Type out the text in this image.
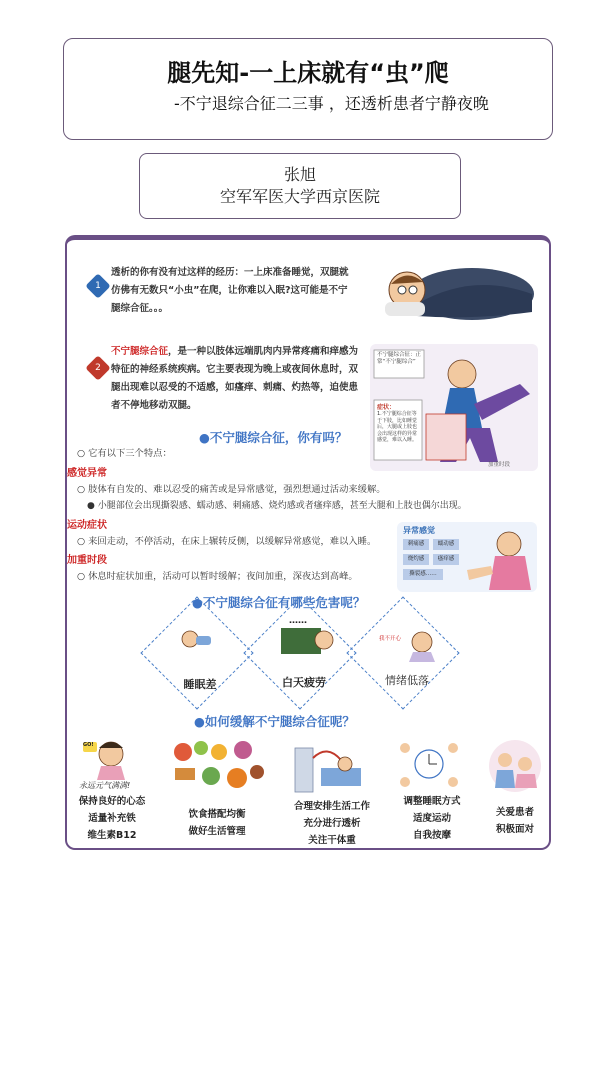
腿先知-一上床就有“虫”爬
-不宁退综合征二三事 ，还透析患者宁静夜晚
张旭
空军军医大学西京医院
1
透析的你有没有过这样的经历：一上床准备睡觉，双腿就仿佛有无数只“小虫”在爬，让你难以入眠?这可能是不宁腿综合征。。。
2
不宁腿综合征，是一种以肢体远端肌肉内异常疼痛和痒感为特征的神经系统疾病。它主要表现为晚上或夜间休息时，双腿出现难以忍受的不适感，如瘙痒、刺痛、灼热等，迫使患者不停地移动双腿。
不宁腿综合征：正常“不宁腿综合”
症状：
1.不宁腿综合征等于下肢，比如睡觉后，大腿或上肢也会出现这样的异常感觉，难以入睡。
加重时段
●不宁腿综合征，你有吗？
○ 它有以下三个特点：
感觉异常
○ 肢体有自发的、难以忍受的痛苦或是异常感觉，强烈想通过活动来缓解。
● 小腿部位会出现撕裂感、蠕动感、刺痛感、烧灼感或者瘙痒感，甚至大腿和上肢也偶尔出现。
运动症状
○ 来回走动，不停活动，在床上辗转反侧，以缓解异常感觉，难以入睡。
加重时段
○ 休息时症状加重，活动可以暂时缓解；夜间加重，深夜达到高峰。
异常感觉
刺痛感	蠕动感
烧灼感	瘙痒感
撕裂感……
●不宁腿综合征有哪些危害呢？
……
我不开心
睡眠差	白天疲劳	情绪低落
●如何缓解不宁腿综合征呢？
GO!
永远元气满满!
保持良好的心态
适量补充铁
维生素B12
饮食搭配均衡
做好生活管理
合理安排生活工作
充分进行透析
关注干体重
调整睡眠方式
适度运动
自我按摩
关爱患者
积极面对
